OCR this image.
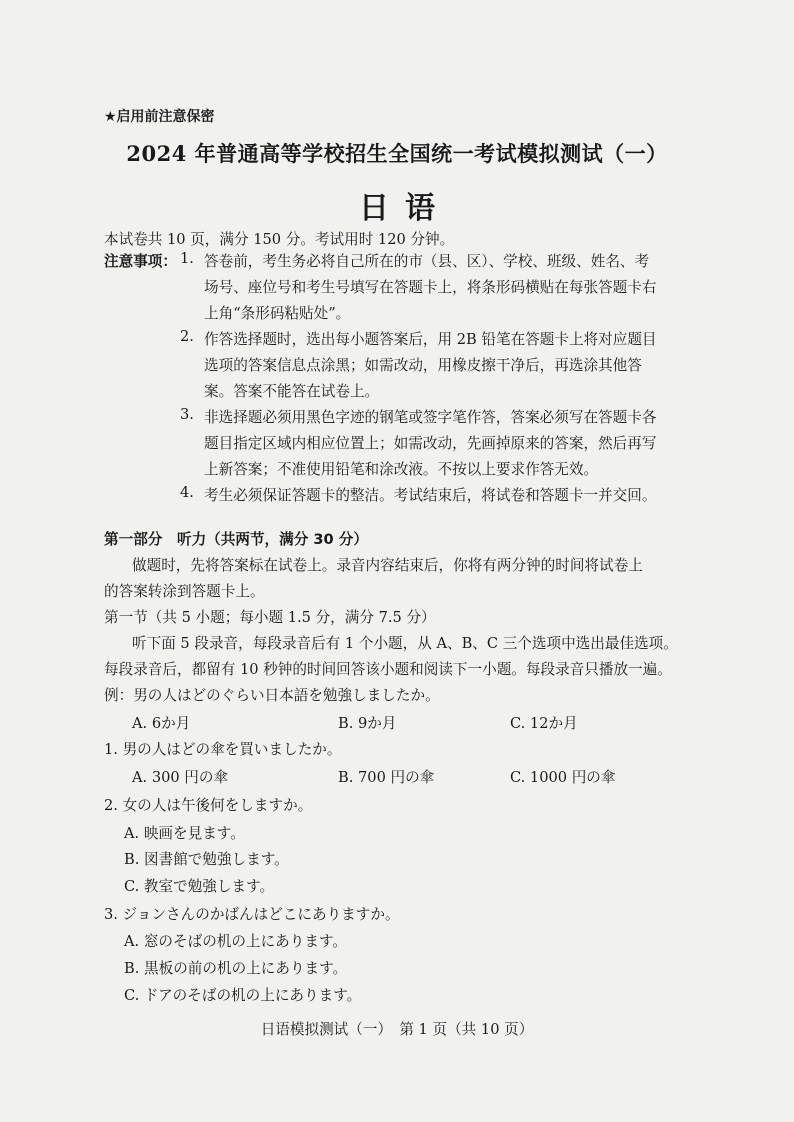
★启用前注意保密
2024 年普通高等学校招生全国统一考试模拟测试（一）
日语
本试卷共 10 页，满分 150 分。考试用时 120 分钟。
注意事项： 1. 答卷前，考生务必将自己所在的市（县、区）、学校、班级、姓名、考
场号、座位号和考生号填写在答题卡上，将条形码横贴在每张答题卡右
上角“条形码粘贴处”。
2. 作答选择题时，选出每小题答案后，用 2B 铅笔在答题卡上将对应题目
选项的答案信息点涂黑；如需改动，用橡皮擦干净后，再选涂其他答
案。答案不能答在试卷上。
3. 非选择题必须用黑色字迹的钢笔或签字笔作答，答案必须写在答题卡各
题目指定区域内相应位置上；如需改动，先画掉原来的答案，然后再写
上新答案；不准使用铅笔和涂改液。不按以上要求作答无效。
4. 考生必须保证答题卡的整洁。考试结束后，将试卷和答题卡一并交回。
第一部分　听力（共两节，满分 30 分）
做题时，先将答案标在试卷上。录音内容结束后，你将有两分钟的时间将试卷上
的答案转涂到答题卡上。
第一节（共 5 小题；每小题 1.5 分，满分 7.5 分）
听下面 5 段录音，每段录音后有 1 个小题，从 A、B、C 三个选项中选出最佳选项。
每段录音后，都留有 10 秒钟的时间回答该小题和阅读下一小题。每段录音只播放一遍。
例：男の人はどのぐらい日本語を勉強しましたか。
A. 6か月	B. 9か月	C. 12か月
1. 男の人はどの傘を買いましたか。
A. 300 円の傘	B. 700 円の傘	C. 1000 円の傘
2. 女の人は午後何をしますか。
A. 映画を見ます。
B. 図書館で勉強します。
C. 教室で勉強します。
3. ジョンさんのかばんはどこにありますか。
A. 窓のそばの机の上にあります。
B. 黒板の前の机の上にあります。
C. ドアのそばの机の上にあります。
日语模拟测试（一）　第 1 页（共 10 页）
